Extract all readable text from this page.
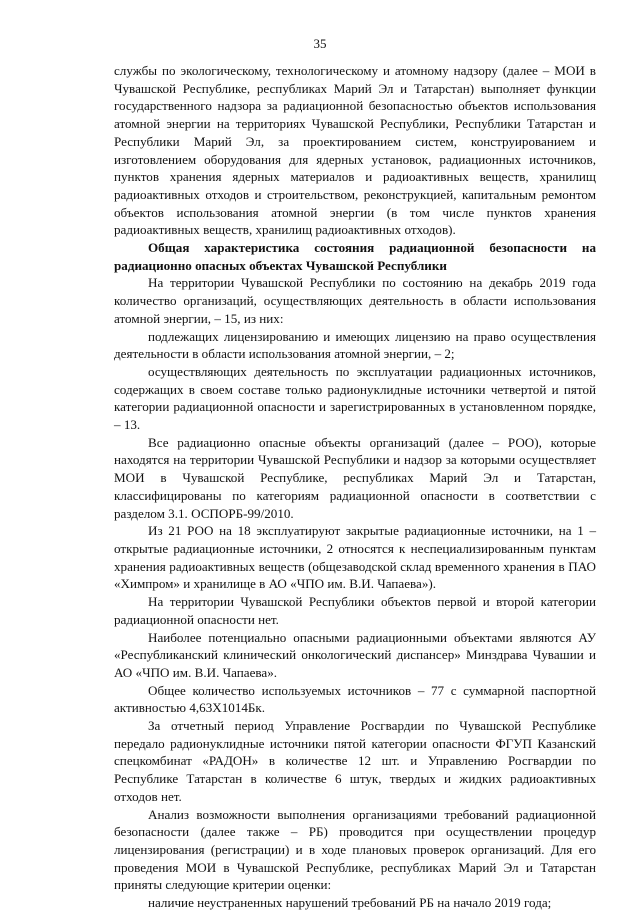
35

службы по экологическому, технологическому и атомному надзору (далее – МОИ в Чувашской Республике, республиках Марий Эл и Татарстан) выполняет функции государственного надзора за радиационной безопасностью объектов использования атомной энергии на территориях Чувашской Республики, Республики Татарстан и Республики Марий Эл, за проектированием систем, конструированием и изготовлением оборудования для ядерных установок, радиационных источников, пунктов хранения ядерных материалов и радиоактивных веществ, хранилищ радиоактивных отходов и строительством, реконструкцией, капитальным ремонтом объектов использования атомной энергии (в том числе пунктов хранения радиоактивных веществ, хранилищ радиоактивных отходов).

Общая характеристика состояния радиационной безопасности на радиационно опасных объектах Чувашской Республики

На территории Чувашской Республики по состоянию на декабрь 2019 года количество организаций, осуществляющих деятельность в области использования атомной энергии, – 15, из них:

подлежащих лицензированию и имеющих лицензию на право осуществления деятельности в области использования атомной энергии, – 2;

осуществляющих деятельность по эксплуатации радиационных источников, содержащих в своем составе только радионуклидные источники четвертой и пятой категории радиационной опасности и зарегистрированных в установленном порядке, – 13.

Все радиационно опасные объекты организаций (далее – РОО), которые находятся на территории Чувашской Республики и надзор за которыми осуществляет МОИ в Чувашской Республике, республиках Марий Эл и Татарстан, классифицированы по категориям радиационной опасности в соответствии с разделом 3.1. ОСПОРБ-99/2010.

Из 21 РОО на 18 эксплуатируют закрытые радиационные источники, на 1 – открытые радиационные источники, 2 относятся к неспециализированным пунктам хранения радиоактивных веществ (общезаводской склад временного хранения в ПАО «Химпром» и хранилище в АО «ЧПО им. В.И. Чапаева»).

На территории Чувашской Республики объектов первой и второй категории радиационной опасности нет.

Наиболее потенциально опасными радиационными объектами являются АУ «Республиканский клинический онкологический диспансер» Минздрава Чувашии и АО «ЧПО им. В.И. Чапаева».

Общее количество используемых источников – 77 с суммарной паспортной активностью 4,63Х1014Бк.

За отчетный период Управление Росгвардии по Чувашской Республике передало радионуклидные источники пятой категории опасности ФГУП Казанский спецкомбинат «РАДОН» в количестве 12 шт. и Управлению Росгвардии по Республике Татарстан в количестве 6 штук, твердых и жидких радиоактивных отходов нет.

Анализ возможности выполнения организациями требований радиационной безопасности (далее также – РБ) проводится при осуществлении процедур лицензирования (регистрации) и в ходе плановых проверок организаций. Для его проведения МОИ в Чувашской Республике, республиках Марий Эл и Татарстан приняты следующие критерии оценки:

наличие неустраненных нарушений требований РБ на начало 2019 года;
